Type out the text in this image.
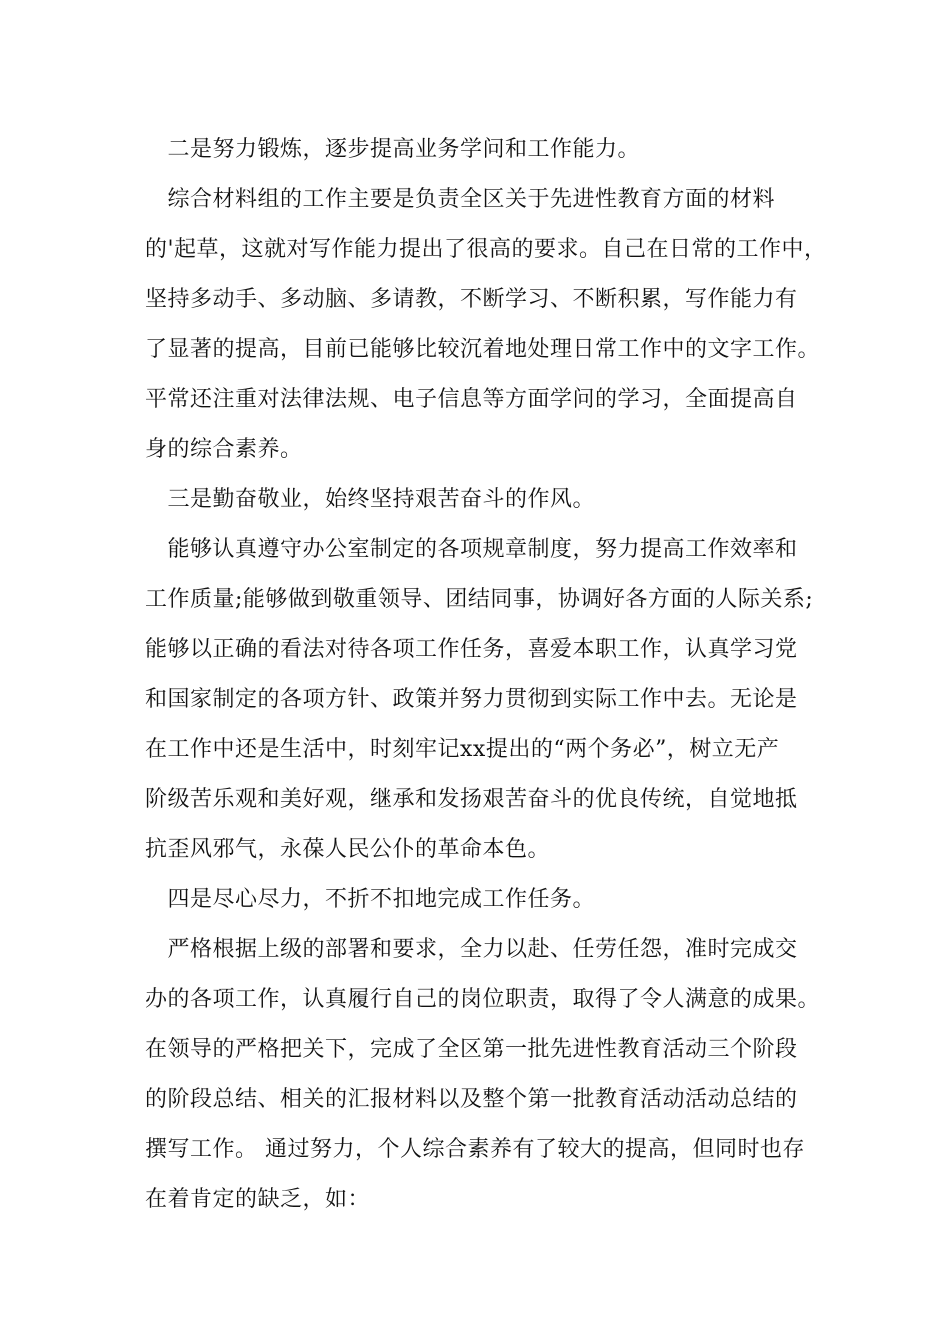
　二是努力锻炼，逐步提高业务学问和工作能力。
　综合材料组的工作主要是负责全区关于先进性教育方面的材料
的'起草，这就对写作能力提出了很高的要求。自己在日常的工作中，
坚持多动手、多动脑、多请教，不断学习、不断积累，写作能力有
了显著的提高，目前已能够比较沉着地处理日常工作中的文字工作。
平常还注重对法律法规、电子信息等方面学问的学习，全面提高自
身的综合素养。
　三是勤奋敬业，始终坚持艰苦奋斗的作风。
　能够认真遵守办公室制定的各项规章制度，努力提高工作效率和
工作质量;能够做到敬重领导、团结同事，协调好各方面的人际关系;
能够以正确的看法对待各项工作任务，喜爱本职工作，认真学习党
和国家制定的各项方针、政策并努力贯彻到实际工作中去。无论是
在工作中还是生活中，时刻牢记xx提出的“两个务必”，树立无产
阶级苦乐观和美好观，继承和发扬艰苦奋斗的优良传统，自觉地抵
抗歪风邪气，永葆人民公仆的革命本色。
　四是尽心尽力，不折不扣地完成工作任务。
　严格根据上级的部署和要求，全力以赴、任劳任怨，准时完成交
办的各项工作，认真履行自己的岗位职责，取得了令人满意的成果。
在领导的严格把关下，完成了全区第一批先进性教育活动三个阶段
的阶段总结、相关的汇报材料以及整个第一批教育活动活动总结的
撰写工作。 通过努力，个人综合素养有了较大的提高，但同时也存
在着肯定的缺乏，如：
